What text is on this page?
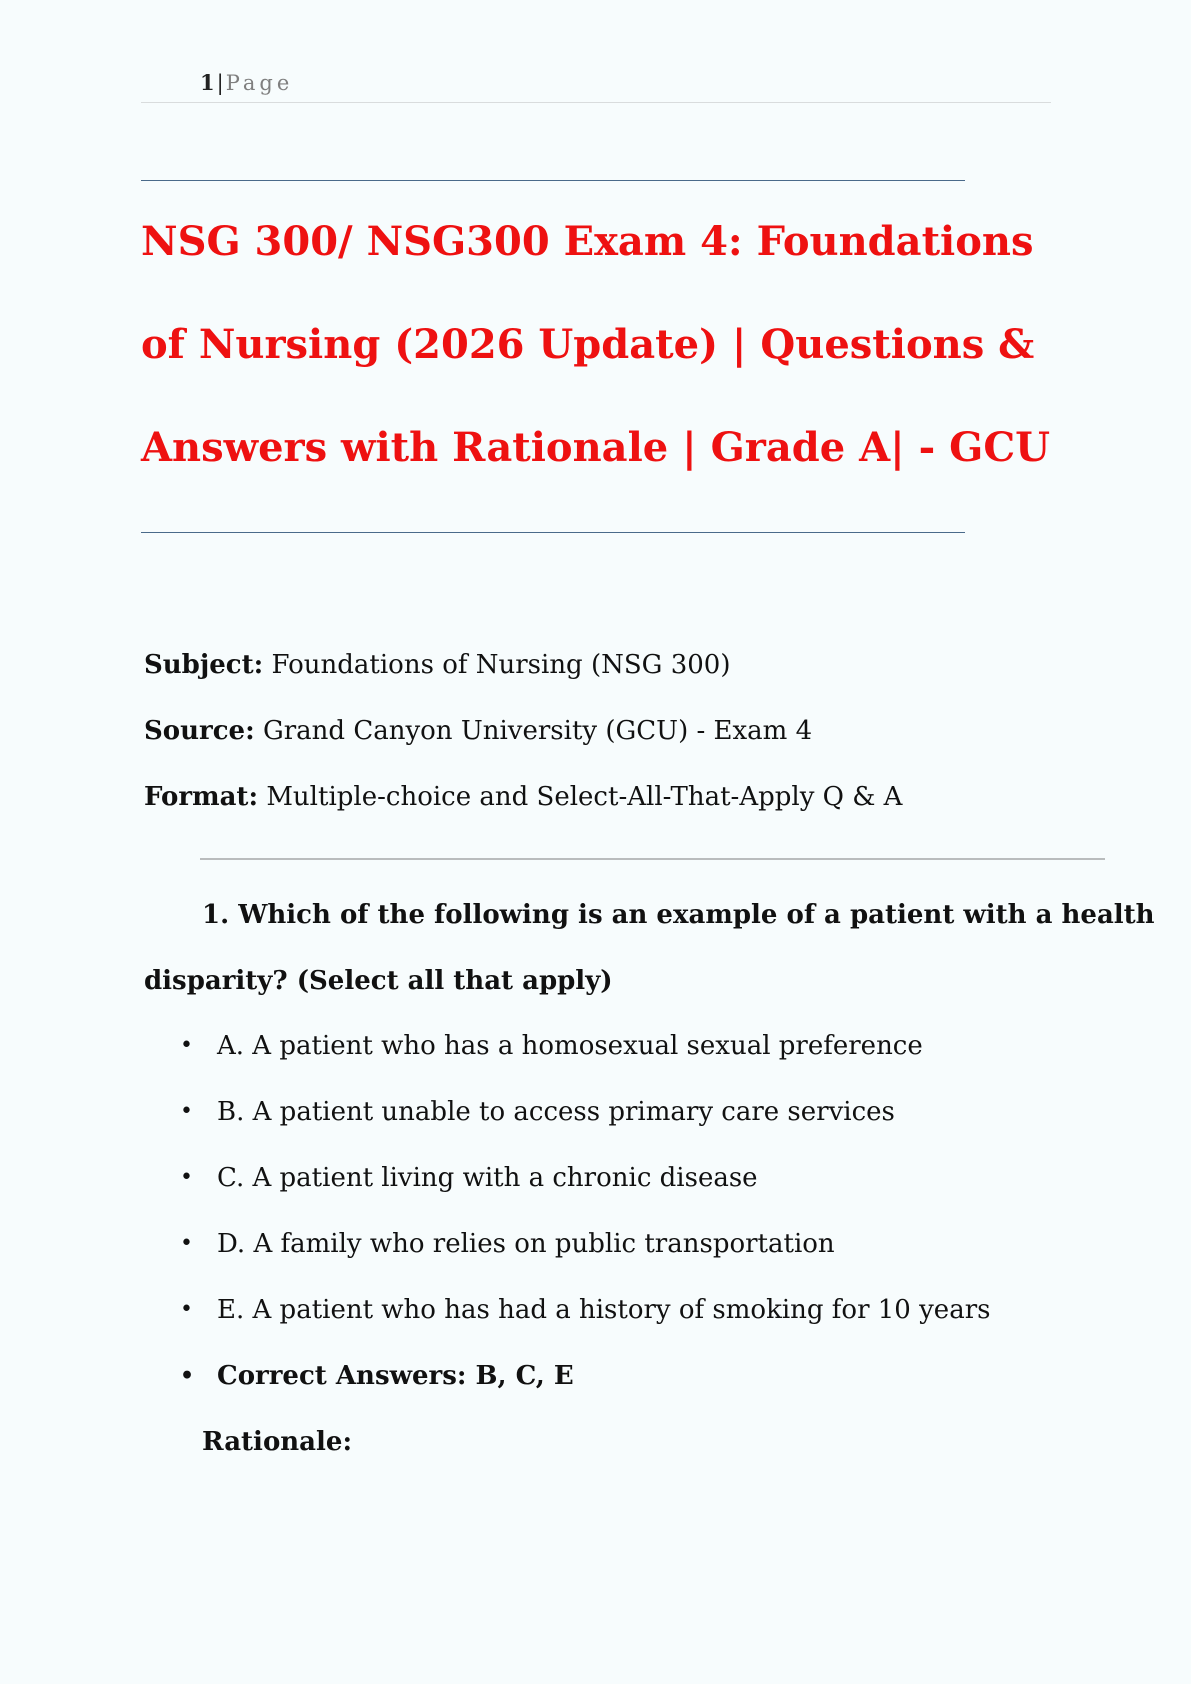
1|Page
NSG 300/ NSG300 Exam 4: Foundations
of Nursing (2026 Update) | Questions &
Answers with Rationale | Grade A| - GCU
Subject: Foundations of Nursing (NSG 300)
Source: Grand Canyon University (GCU) - Exam 4
Format: Multiple-choice and Select-All-That-Apply Q & A
1. Which of the following is an example of a patient with a health
disparity? (Select all that apply)
• A. A patient who has a homosexual sexual preference
• B. A patient unable to access primary care services
• C. A patient living with a chronic disease
• D. A family who relies on public transportation
• E. A patient who has had a history of smoking for 10 years
• Correct Answers: B, C, E
Rationale:
